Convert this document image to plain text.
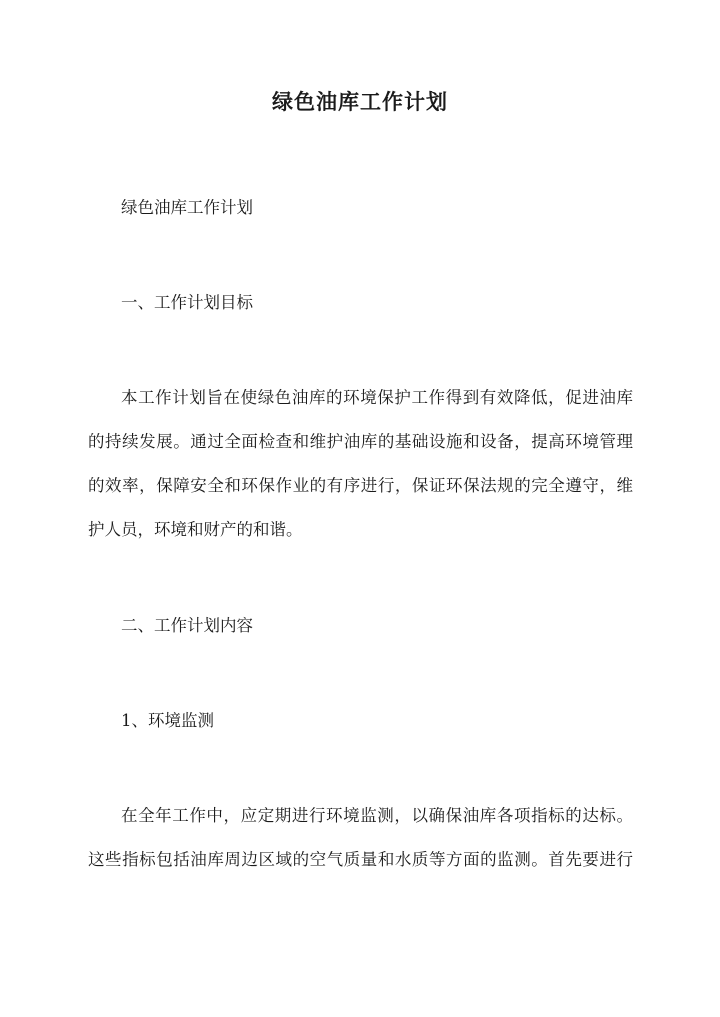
绿色油库工作计划

绿色油库工作计划

一、工作计划目标

本工作计划旨在使绿色油库的环境保护工作得到有效降低，促进油库

的持续发展。通过全面检查和维护油库的基础设施和设备，提高环境管理

的效率，保障安全和环保作业的有序进行，保证环保法规的完全遵守，维

护人员，环境和财产的和谐。

二、工作计划内容

1、环境监测

在全年工作中，应定期进行环境监测，以确保油库各项指标的达标。

这些指标包括油库周边区域的空气质量和水质等方面的监测。首先要进行
